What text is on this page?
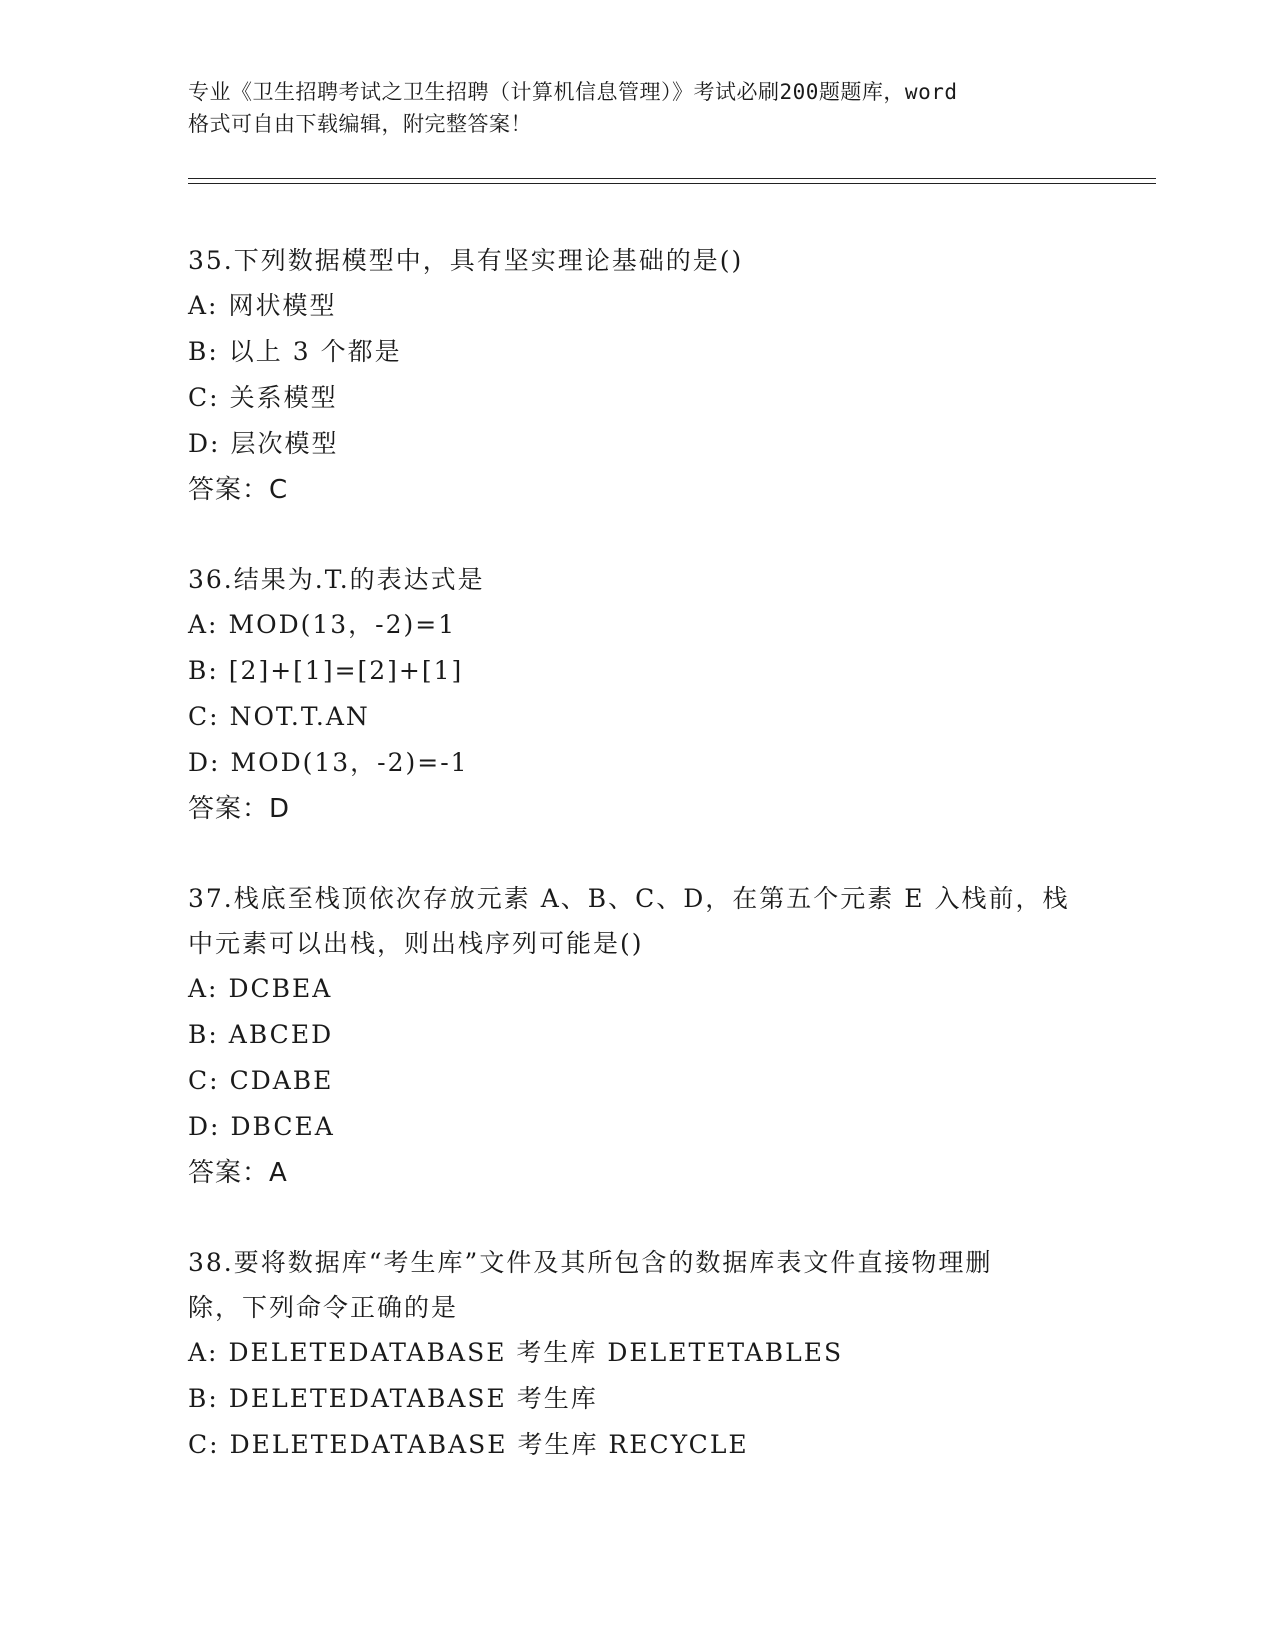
专业《卫生招聘考试之卫生招聘（计算机信息管理）》考试必刷200题题库，word
格式可自由下载编辑，附完整答案！

35.下列数据模型中，具有坚实理论基础的是()

A: 网状模型

B: 以上 3 个都是

C: 关系模型

D: 层次模型

答案：C

36.结果为.T.的表达式是

A: MOD(13，-2)=1

B: [2]+[1]=[2]+[1]

C: NOT.T.AN

D: MOD(13，-2)=-1

答案：D

37.栈底至栈顶依次存放元素 A、B、C、D，在第五个元素 E 入栈前，栈

中元素可以出栈，则出栈序列可能是()

A: DCBEA

B: ABCED

C: CDABE

D: DBCEA

答案：A

38.要将数据库“考生库”文件及其所包含的数据库表文件直接物理删

除，下列命令正确的是

A: DELETEDATABASE 考生库 DELETETABLES

B: DELETEDATABASE 考生库

C: DELETEDATABASE 考生库 RECYCLE
